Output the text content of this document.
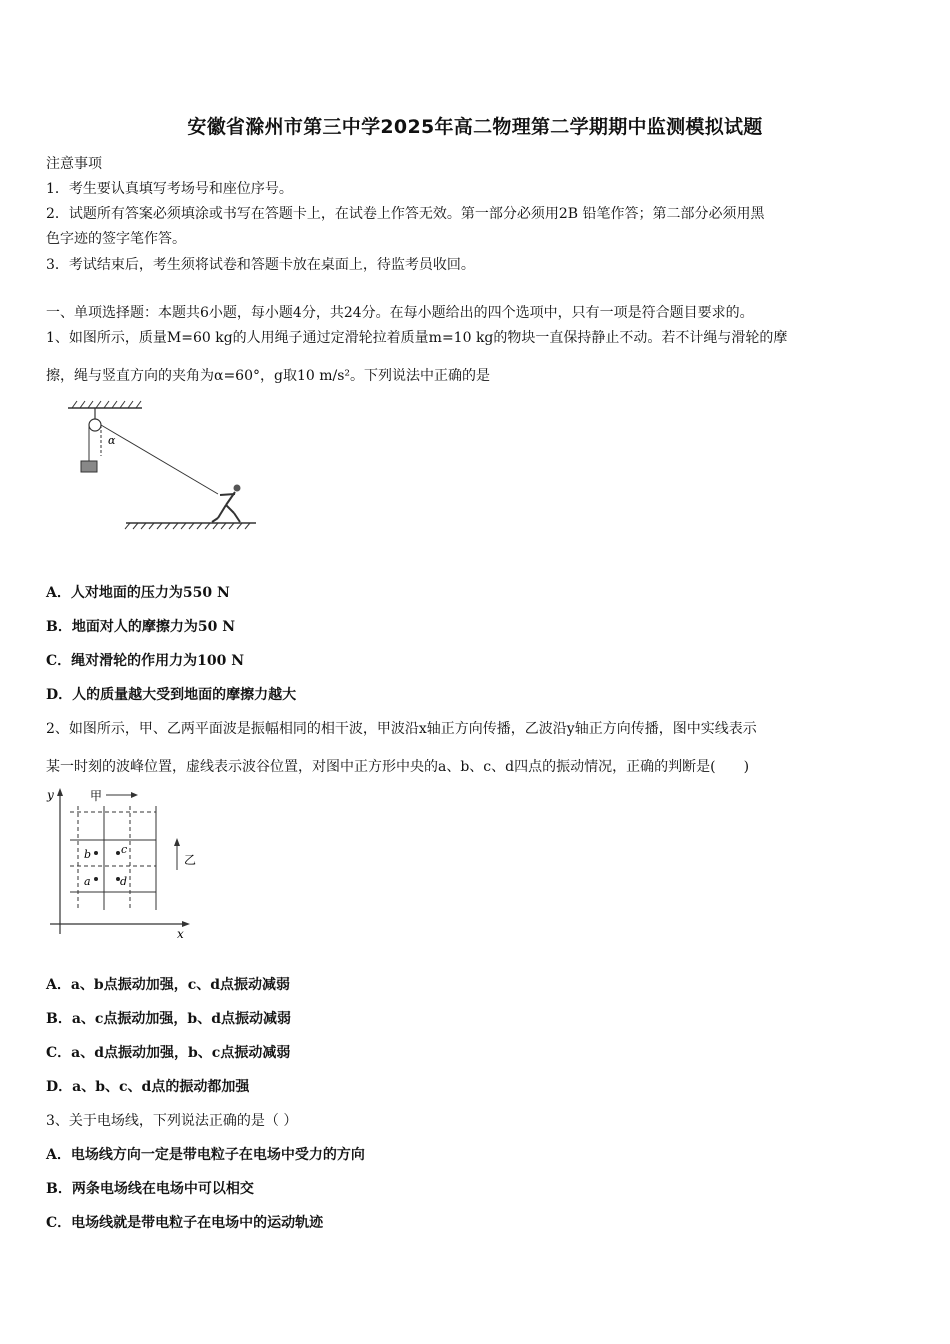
安徽省滁州市第三中学2025年高二物理第二学期期中监测模拟试题
注意事项
1．考生要认真填写考场号和座位序号。
2．试题所有答案必须填涂或书写在答题卡上，在试卷上作答无效。第一部分必须用2B 铅笔作答；第二部分必须用黑
色字迹的签字笔作答。
3．考试结束后，考生须将试卷和答题卡放在桌面上，待监考员收回。
一、单项选择题：本题共6小题，每小题4分，共24分。在每小题给出的四个选项中，只有一项是符合题目要求的。
1、如图所示，质量M=60 kg的人用绳子通过定滑轮拉着质量m=10 kg的物块一直保持静止不动。若不计绳与滑轮的摩
擦，绳与竖直方向的夹角为α=60°，g取10 m/s²。下列说法中正确的是
α
A．人对地面的压力为550 N
B．地面对人的摩擦力为50 N
C．绳对滑轮的作用力为100 N
D．人的质量越大受到地面的摩擦力越大
2、如图所示，甲、乙两平面波是振幅相同的相干波，甲波沿x轴正方向传播，乙波沿y轴正方向传播，图中实线表示
某一时刻的波峰位置，虚线表示波谷位置，对图中正方形中央的a、b、c、d四点的振动情况，正确的判断是(　　)
y
x
甲
b	c
a	d
乙
A．a、b点振动加强，c、d点振动减弱
B．a、c点振动加强，b、d点振动减弱
C．a、d点振动加强，b、c点振动减弱
D．a、b、c、d点的振动都加强
3、关于电场线，下列说法正确的是（ ）
A．电场线方向一定是带电粒子在电场中受力的方向
B．两条电场线在电场中可以相交
C．电场线就是带电粒子在电场中的运动轨迹
